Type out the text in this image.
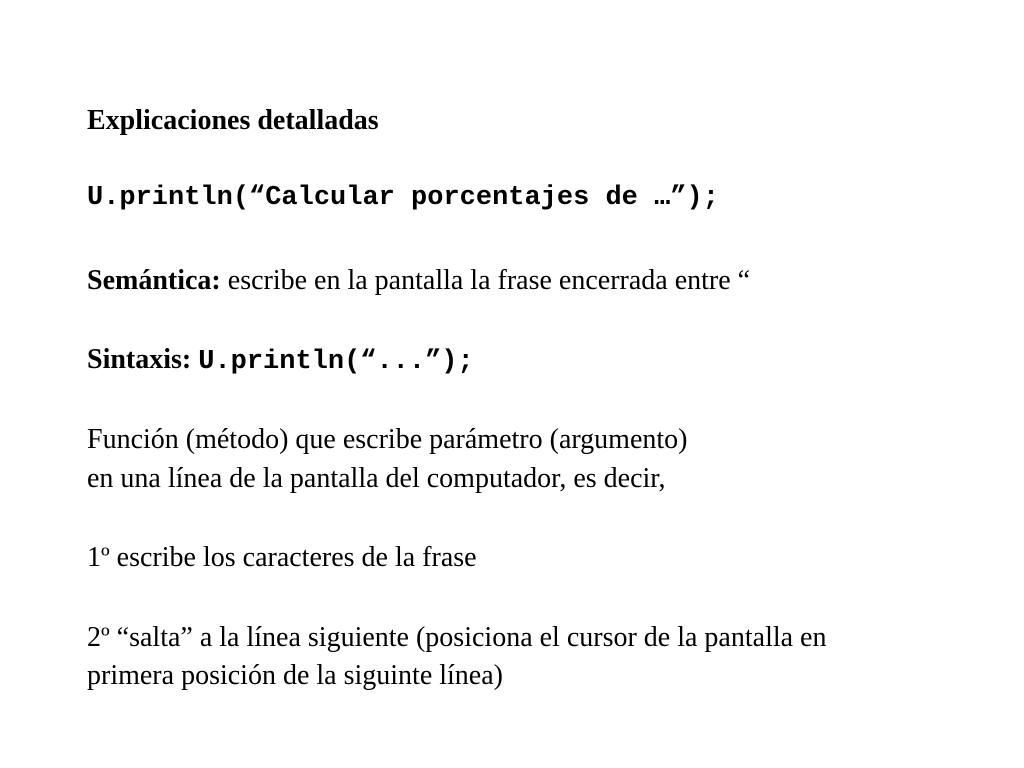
Explicaciones detalladas
U.println(“Calcular porcentajes de …”);
Semántica: escribe en la pantalla la frase encerrada entre “
Sintaxis: U.println(“...”);
Función (método) que escribe parámetro (argumento)
en una línea de la pantalla del computador, es decir,
1º escribe los caracteres de la frase
2º “salta” a la línea siguiente (posiciona el cursor de la pantalla en
primera posición de la siguinte línea)
